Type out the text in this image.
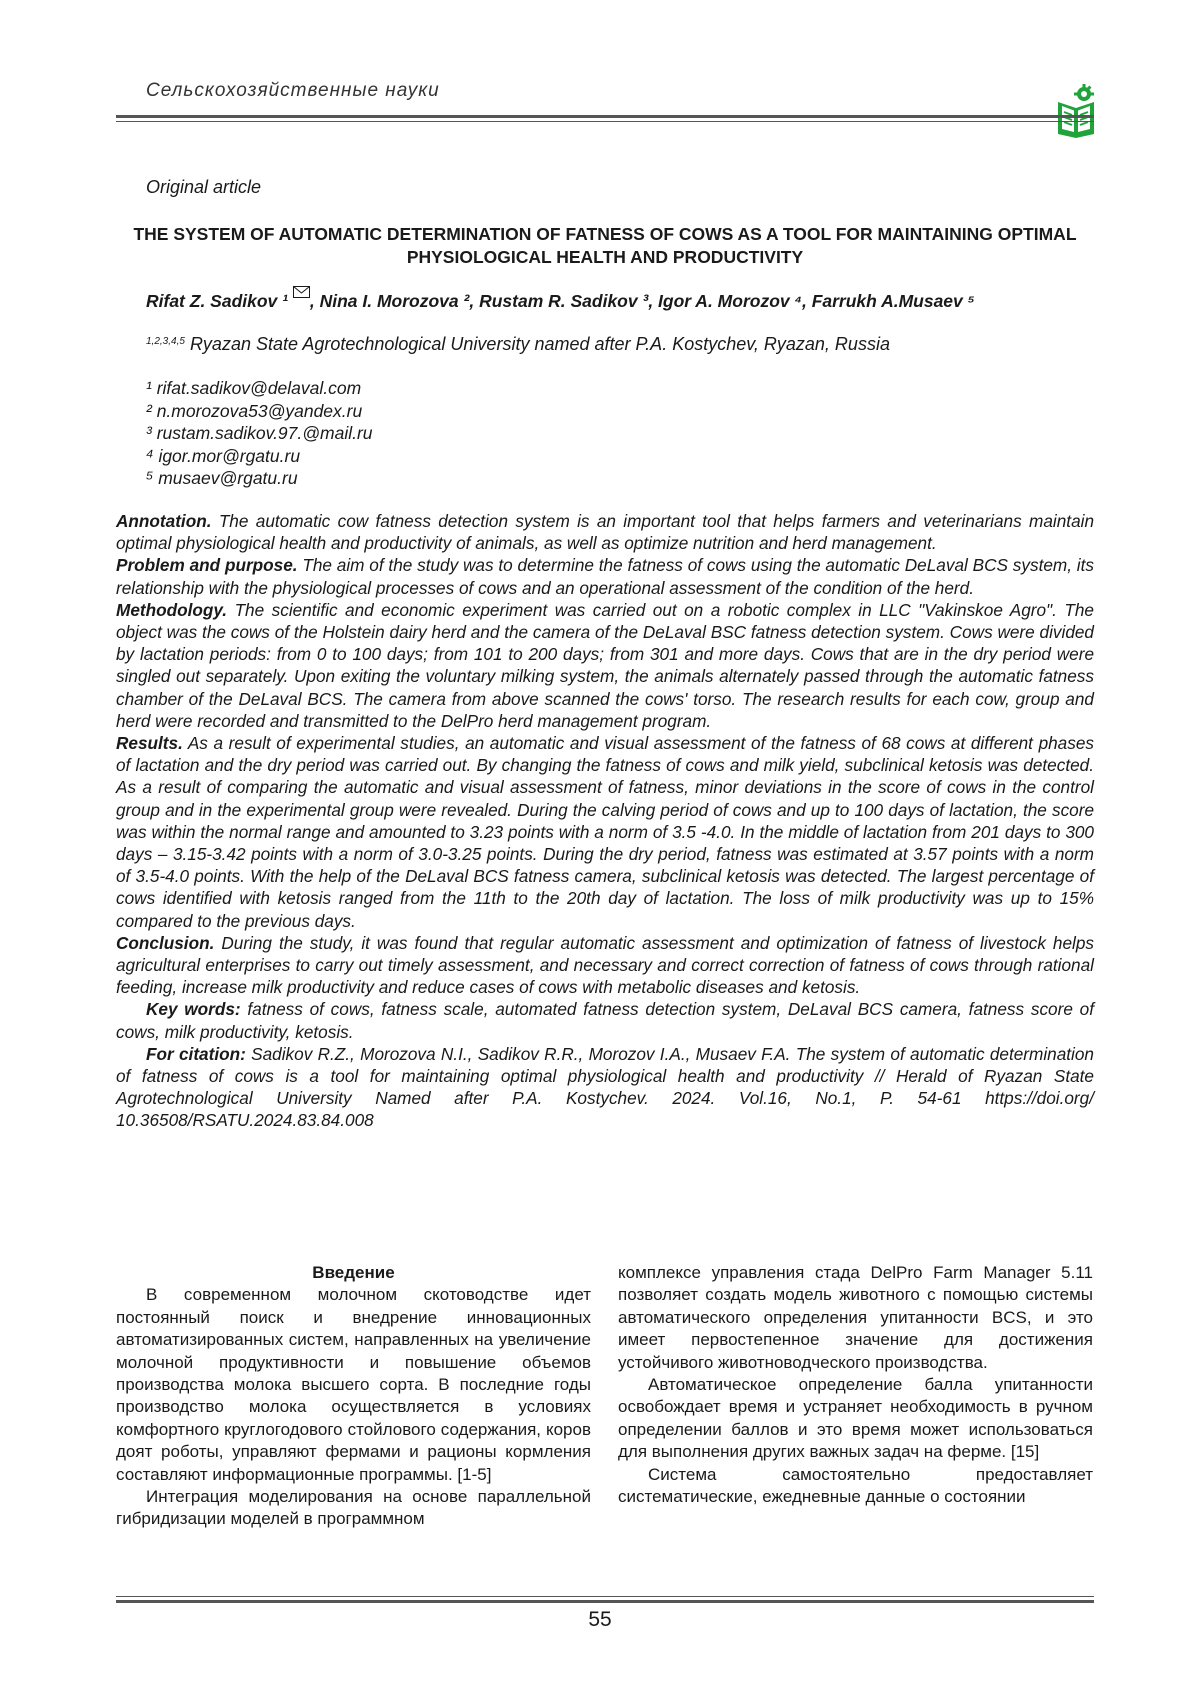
Сельскохозяйственные науки
Original article
THE SYSTEM OF AUTOMATIC DETERMINATION OF FATNESS OF COWS AS A TOOL FOR MAINTAINING OPTIMAL PHYSIOLOGICAL HEALTH AND PRODUCTIVITY
Rifat Z. Sadikov ¹ , Nina I. Morozova ², Rustam R. Sadikov ³, Igor A. Morozov ⁴, Farrukh A.Musaev ⁵
$^{1,2,3,4,5}$ Ryazan State Agrotechnological University named after P.A. Kostychev, Ryazan, Russia
¹ rifat.sadikov@delaval.com
² n.morozova53@yandex.ru
³ rustam.sadikov.97.@mail.ru
⁴ igor.mor@rgatu.ru
⁵ musaev@rgatu.ru

Annotation. The automatic cow fatness detection system is an important tool that helps farmers and veterinarians maintain optimal physiological health and productivity of animals, as well as optimize nutrition and herd management.

Problem and purpose. The aim of the study was to determine the fatness of cows using the automatic DeLaval BCS system, its relationship with the physiological processes of cows and an operational assessment of the condition of the herd.

Methodology. The scientific and economic experiment was carried out on a robotic complex in LLC "Vakinskoe Agro". The object was the cows of the Holstein dairy herd and the camera of the DeLaval BSC fatness detection system. Cows were divided by lactation periods: from 0 to 100 days; from 101 to 200 days; from 301 and more days. Cows that are in the dry period were singled out separately. Upon exiting the voluntary milking system, the animals alternately passed through the automatic fatness chamber of the DeLaval BCS. The camera from above scanned the cows' torso. The research results for each cow, group and herd were recorded and transmitted to the DelPro herd management program.

Results. As a result of experimental studies, an automatic and visual assessment of the fatness of 68 cows at different phases of lactation and the dry period was carried out. By changing the fatness of cows and milk yield, subclinical ketosis was detected. As a result of comparing the automatic and visual assessment of fatness, minor deviations in the score of cows in the control group and in the experimental group were revealed. During the calving period of cows and up to 100 days of lactation, the score was within the normal range and amounted to 3.23 points with a norm of 3.5 -4.0. In the middle of lactation from 201 days to 300 days – 3.15-3.42 points with a norm of 3.0-3.25 points. During the dry period, fatness was estimated at 3.57 points with a norm of 3.5-4.0 points. With the help of the DeLaval BCS fatness camera, subclinical ketosis was detected. The largest percentage of cows identified with ketosis ranged from the 11th to the 20th day of lactation. The loss of milk productivity was up to 15% compared to the previous days.

Conclusion. During the study, it was found that regular automatic assessment and optimization of fatness of livestock helps agricultural enterprises to carry out timely assessment, and necessary and correct correction of fatness of cows through rational feeding, increase milk productivity and reduce cases of cows with metabolic diseases and ketosis.

Key words: fatness of cows, fatness scale, automated fatness detection system, DeLaval BCS camera, fatness score of cows, milk productivity, ketosis.

For citation: Sadikov R.Z., Morozova N.I., Sadikov R.R., Morozov I.A., Musaev F.A. The system of automatic determination of fatness of cows is a tool for maintaining optimal physiological health and productivity // Herald of Ryazan State Agrotechnological University Named after P.A. Kostychev. 2024. Vol.16, No.1, P. 54-61 https://doi.org/ 10.36508/RSATU.2024.83.84.008

Введение

В современном молочном скотоводстве идет постоянный поиск и внедрение инновационных автоматизированных систем, направленных на увеличение молочной продуктивности и повышение объемов производства молока высшего сорта. В последние годы производство молока осуществляется в условиях комфортного круглогодового стойлового содержания, коров доят роботы, управляют фермами и рационы кормления составляют информационные программы. [1-5]

Интеграция моделирования на основе параллельной гибридизации моделей в программном

комплексе управления стада DelPro Farm Manager 5.11 позволяет создать модель животного с помощью системы автоматического определения упитанности BCS, и это имеет первостепенное значение для достижения устойчивого животноводческого производства.

Автоматическое определение балла упитанности освобождает время и устраняет необходимость в ручном определении баллов и это время может использоваться для выполнения других важных задач на ферме. [15]

Система самостоятельно предоставляет систематические, ежедневные данные о состоянии

55
